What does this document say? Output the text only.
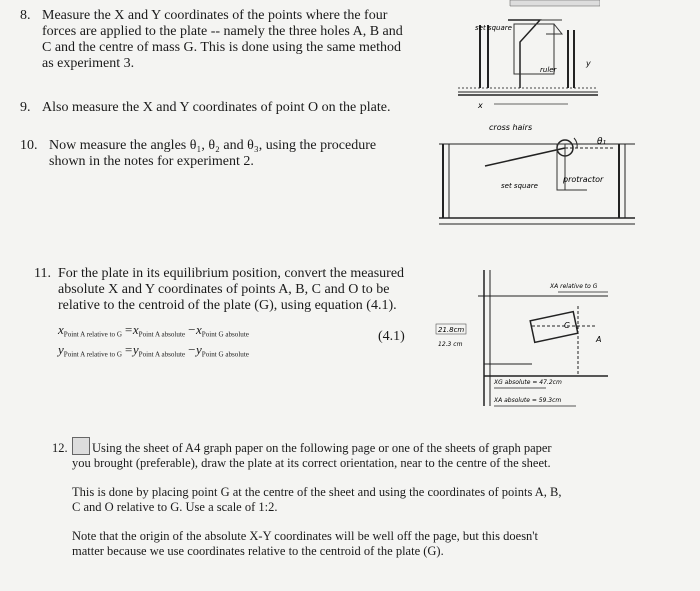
8. Measure the X and Y coordinates of the points where the four

forces are applied to the plate -- namely the three holes A, B and

C and the centre of mass G. This is done using the same method

as experiment 3.

9. Also measure the X and Y coordinates of point O on the plate.

10. Now measure the angles θ₁, θ₂ and θ₃, using the procedure

shown in the notes for experiment 2.

11. For the plate in its equilibrium position, convert the measured

absolute X and Y coordinates of points A, B, C and O to be

relative to the centroid of the plate (G), using equation (4.1).

$x_{Point A relative to G} =x_{Point A absolute} -x_{Point G absolute}$
$y_{Point A relative to G} =y_{Point A absolute} -y_{Point G absolute}$
(4.1)
12. Using the sheet of A4 graph paper on the following page or one of the sheets of graph paper

you brought (preferable), draw the plate at its correct orientation, near to the centre of the sheet.

This is done by placing point G at the centre of the sheet and using the coordinates of points A, B,

C and O relative to G. Use a scale of 1:2.

Note that the origin of the absolute X-Y coordinates will be well off the page, but this doesn't

matter because we use coordinates relative to the centroid of the plate (G).

set square
ruler
y
x
cross hairs
θ₁
set square
protractor
XA relative to G
C
A
21.8cm
12.3 cm
XG absolute = 47.2cm
XA absolute = 59.3cm
